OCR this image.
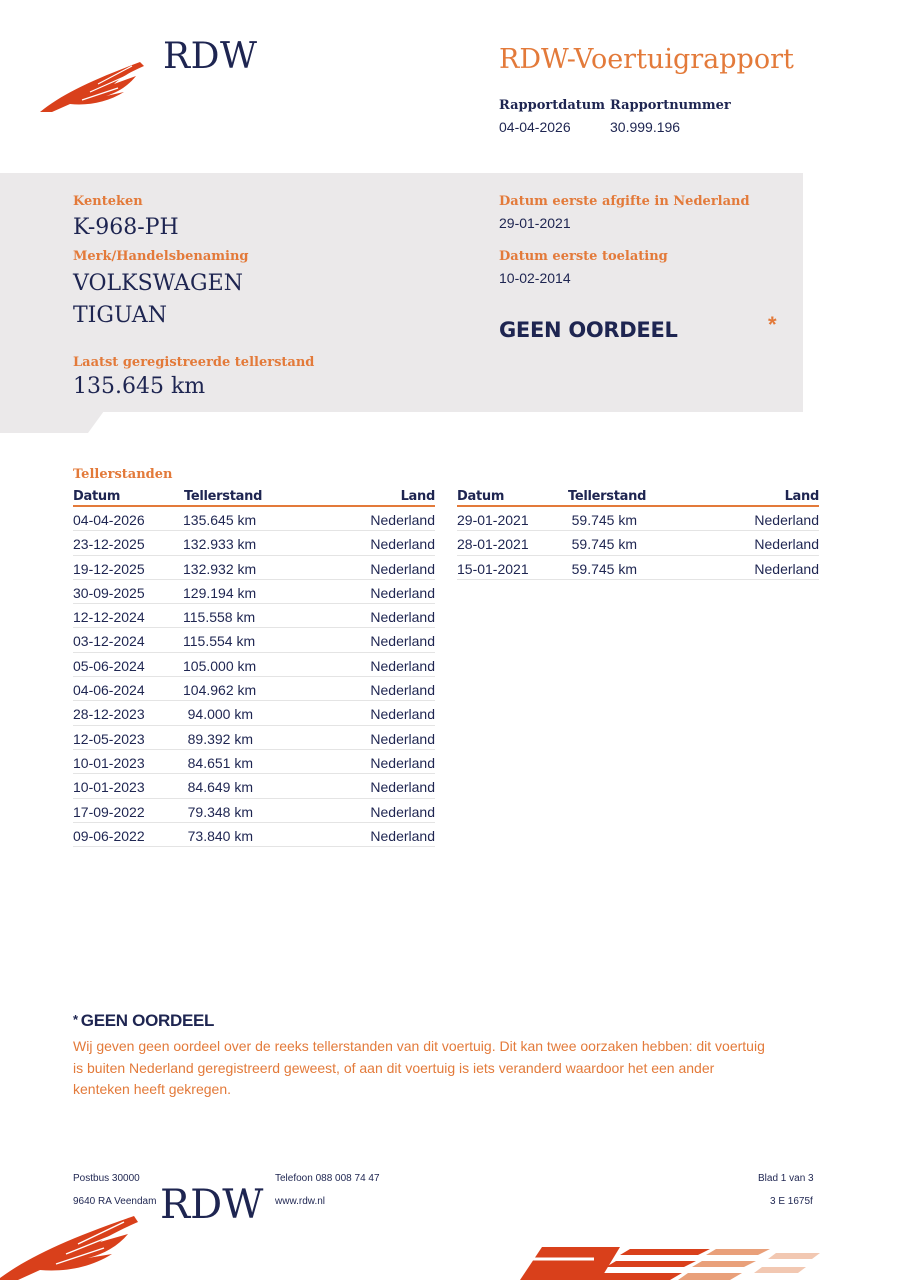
RDW	RDW-Voertuigrapport
Rapportdatum Rapportnummer
04-04-2026	30.999.196
Kenteken
K-968-PH
Merk/Handelsbenaming
VOLKSWAGEN
TIGUAN
Laatst geregistreerde tellerstand
135.645 km
Datum eerste afgifte in Nederland
29-01-2021
Datum eerste toelating
10-02-2014
GEEN OORDEEL	*
Tellerstanden
Datum	Tellerstand	Land
04-04-2026	135.645 km	Nederland
23-12-2025	132.933 km	Nederland
19-12-2025	132.932 km	Nederland
30-09-2025	129.194 km	Nederland
12-12-2024	115.558 km	Nederland
03-12-2024	115.554 km	Nederland
05-06-2024	105.000 km	Nederland
04-06-2024	104.962 km	Nederland
28-12-2023	94.000 km	Nederland
12-05-2023	89.392 km	Nederland
10-01-2023	84.651 km	Nederland
10-01-2023	84.649 km	Nederland
17-09-2022	79.348 km	Nederland
09-06-2022	73.840 km	Nederland
Datum	Tellerstand	Land
29-01-2021	59.745 km	Nederland
28-01-2021	59.745 km	Nederland
15-01-2021	59.745 km	Nederland
* GEEN OORDEEL
Wij geven geen oordeel over de reeks tellerstanden van dit voertuig. Dit kan twee oorzaken hebben: dit voertuig is buiten Nederland geregistreerd geweest, of aan dit voertuig is iets veranderd waardoor het een ander kenteken heeft gekregen.
Postbus 30000
9640 RA Veendam
Telefoon 088 008 74 47
www.rdw.nl
Blad 1 van 3
3 E 1675f
RDW
